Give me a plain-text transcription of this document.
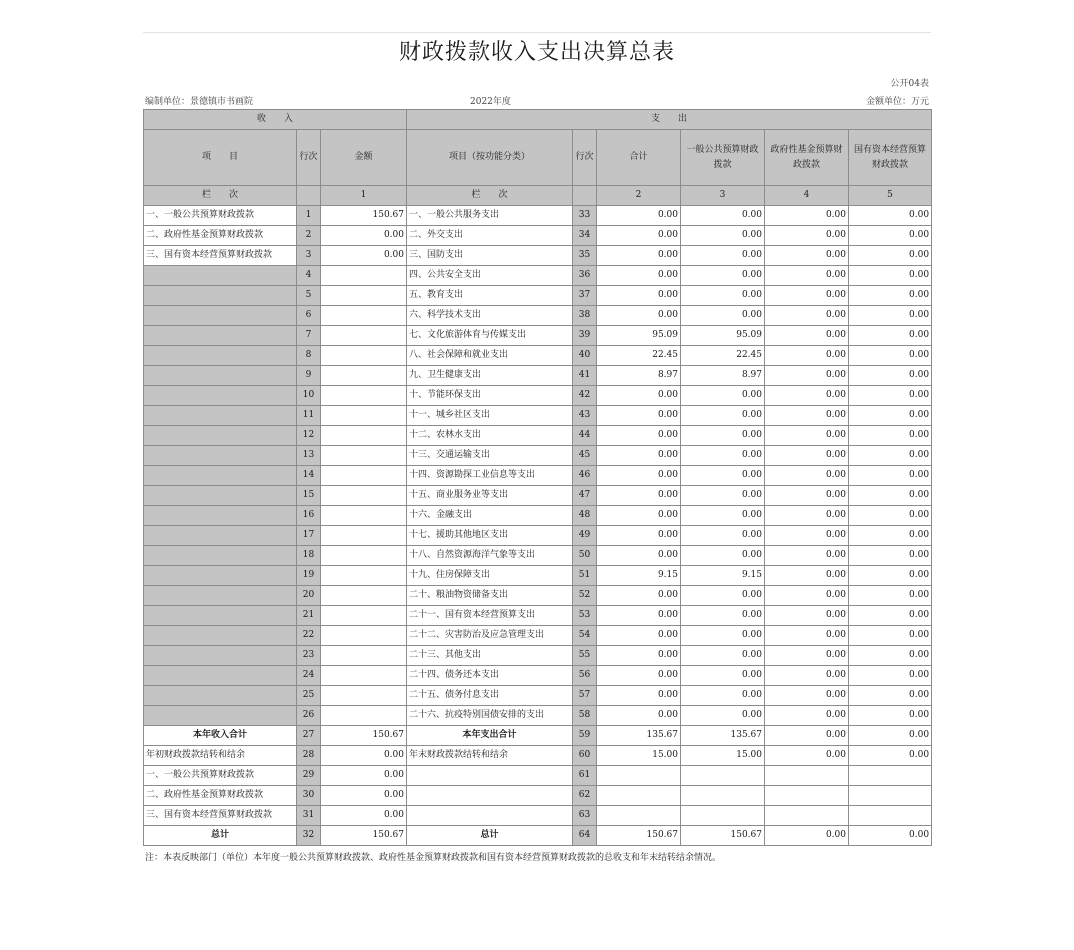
财政拨款收入支出决算总表
公开04表
编制单位：景德镇市书画院	2022年度	金额单位：万元
收　　入			支　　出					
项　　目	行次	金额	项目（按功能分类）	行次	合计	一般公共预算财政拨款	政府性基金预算财政拨款	国有资本经营预算财政拨款
栏　　次		1	栏　　次		2	3	4	5
一、一般公共预算财政拨款	1	150.67	一、一般公共服务支出	33	0.00	0.00	0.00	0.00
二、政府性基金预算财政拨款	2	0.00	二、外交支出	34	0.00	0.00	0.00	0.00
三、国有资本经营预算财政拨款	3	0.00	三、国防支出	35	0.00	0.00	0.00	0.00
	4		四、公共安全支出	36	0.00	0.00	0.00	0.00
	5		五、教育支出	37	0.00	0.00	0.00	0.00
	6		六、科学技术支出	38	0.00	0.00	0.00	0.00
	7		七、文化旅游体育与传媒支出	39	95.09	95.09	0.00	0.00
	8		八、社会保障和就业支出	40	22.45	22.45	0.00	0.00
	9		九、卫生健康支出	41	8.97	8.97	0.00	0.00
	10		十、节能环保支出	42	0.00	0.00	0.00	0.00
	11		十一、城乡社区支出	43	0.00	0.00	0.00	0.00
	12		十二、农林水支出	44	0.00	0.00	0.00	0.00
	13		十三、交通运输支出	45	0.00	0.00	0.00	0.00
	14		十四、资源勘探工业信息等支出	46	0.00	0.00	0.00	0.00
	15		十五、商业服务业等支出	47	0.00	0.00	0.00	0.00
	16		十六、金融支出	48	0.00	0.00	0.00	0.00
	17		十七、援助其他地区支出	49	0.00	0.00	0.00	0.00
	18		十八、自然资源海洋气象等支出	50	0.00	0.00	0.00	0.00
	19		十九、住房保障支出	51	9.15	9.15	0.00	0.00
	20		二十、粮油物资储备支出	52	0.00	0.00	0.00	0.00
	21		二十一、国有资本经营预算支出	53	0.00	0.00	0.00	0.00
	22		二十二、灾害防治及应急管理支出	54	0.00	0.00	0.00	0.00
	23		二十三、其他支出	55	0.00	0.00	0.00	0.00
	24		二十四、债务还本支出	56	0.00	0.00	0.00	0.00
	25		二十五、债务付息支出	57	0.00	0.00	0.00	0.00
	26		二十六、抗疫特别国债安排的支出	58	0.00	0.00	0.00	0.00
本年收入合计	27	150.67	本年支出合计	59	135.67	135.67	0.00	0.00
年初财政拨款结转和结余	28	0.00	年末财政拨款结转和结余	60	15.00	15.00	0.00	0.00
一、一般公共预算财政拨款	29	0.00		61				
二、政府性基金预算财政拨款	30	0.00		62				
三、国有资本经营预算财政拨款	31	0.00		63				
总计	32	150.67	总计	64	150.67	150.67	0.00	0.00
注：本表反映部门（单位）本年度一般公共预算财政拨款、政府性基金预算财政拨款和国有资本经营预算财政拨款的总收支和年末结转结余情况。
